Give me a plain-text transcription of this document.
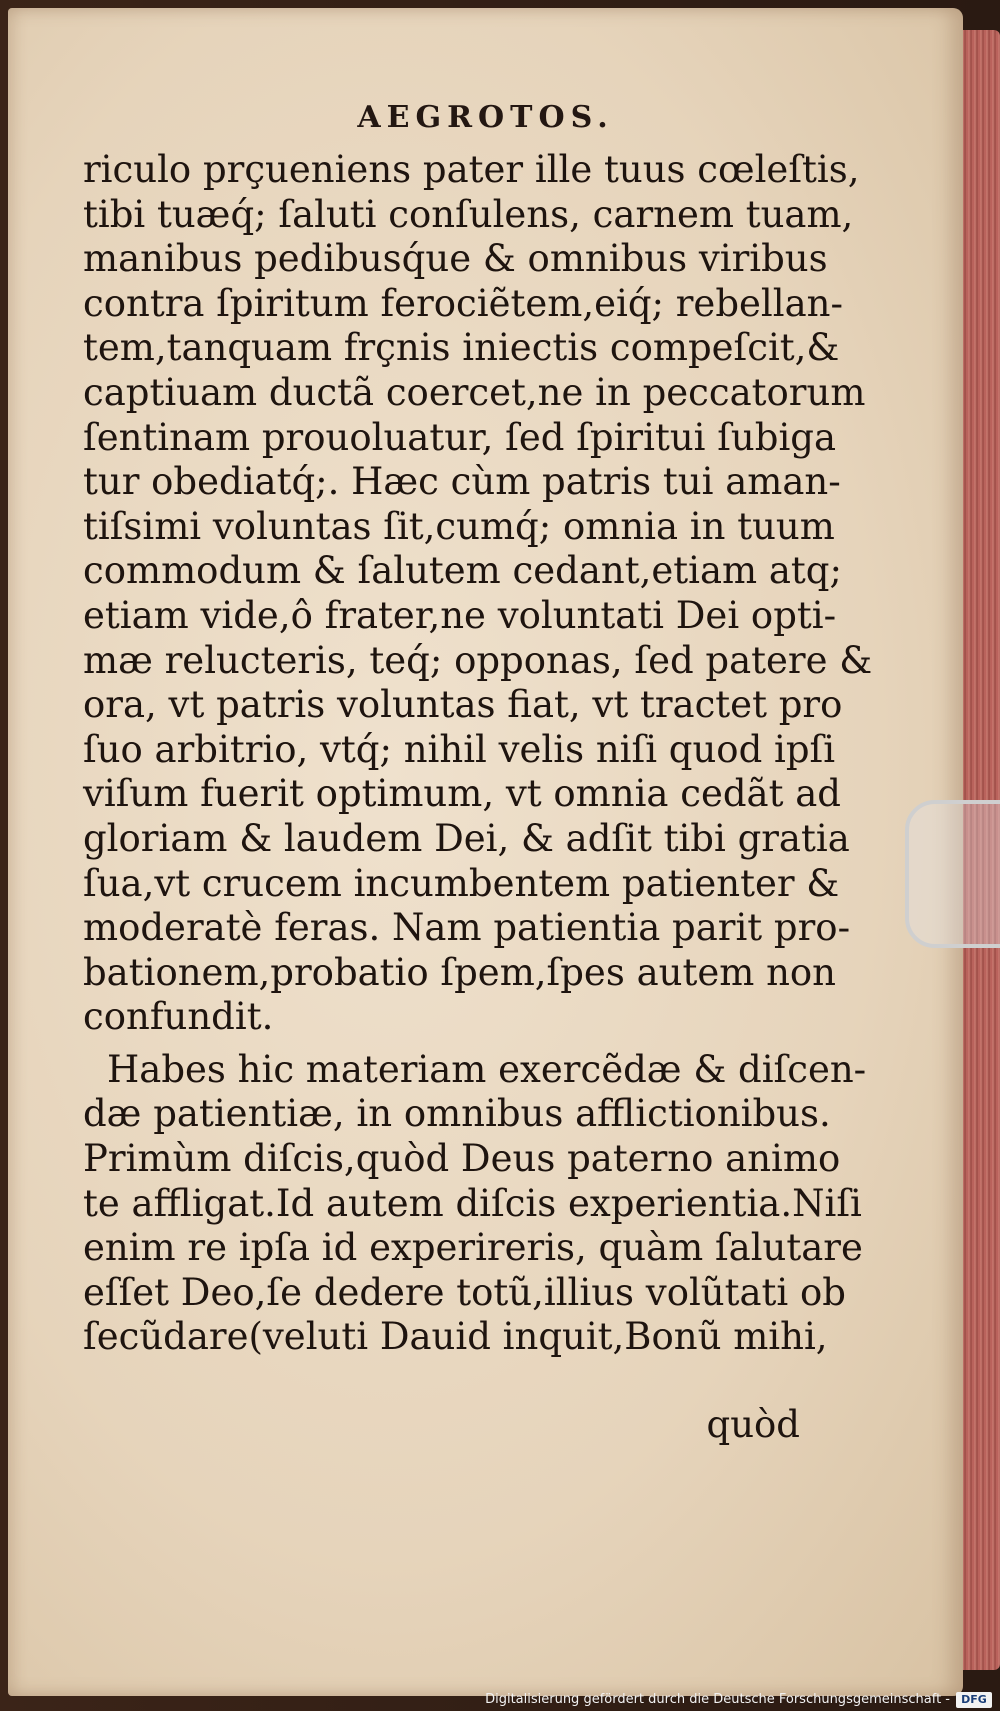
AEGROTOS.
riculo prçueniens pater ille tuus cœleſtis,
tibi tuæq́; ſaluti conſulens, carnem tuam,
manibus pedibusq́ue & omnibus viribus
contra ſpiritum ferociẽtem,eiq́; rebellan-
tem,tanquam frçnis iniectis compeſcit,&
captiuam ductã coercet,ne in peccatorum
ſentinam prouoluatur, ſed ſpiritui ſubiga
tur obediatq́;. Hæc cùm patris tui aman-
tiſsimi voluntas ſit,cumq́; omnia in tuum
commodum & ſalutem cedant,etiam atq;
etiam vide,ô frater,ne voluntati Dei opti-
mæ relucteris, teq́; opponas, ſed patere &
ora, vt patris voluntas fiat, vt tractet pro
ſuo arbitrio, vtq́; nihil velis niſi quod ipſi
viſum fuerit optimum, vt omnia cedãt ad
gloriam & laudem Dei, & adſit tibi gratia
ſua,vt crucem incumbentem patienter &
moderatè feras. Nam patientia parit pro-
bationem,probatio ſpem,ſpes autem non
confundit.
Habes hic materiam exercẽdæ & diſcen-
dæ patientiæ, in omnibus afflictionibus.
Primùm diſcis,quòd Deus paterno animo
te affligat.Id autem diſcis experientia.Niſi
enim re ipſa id experireris, quàm ſalutare
eſſet Deo,ſe dedere totũ,illius volũtati ob
ſecũdare(veluti Dauid inquit,Bonũ mihi,
quòd
Digitalisierung gefördert durch die Deutsche Forschungsgemeinschaft -	DFG
